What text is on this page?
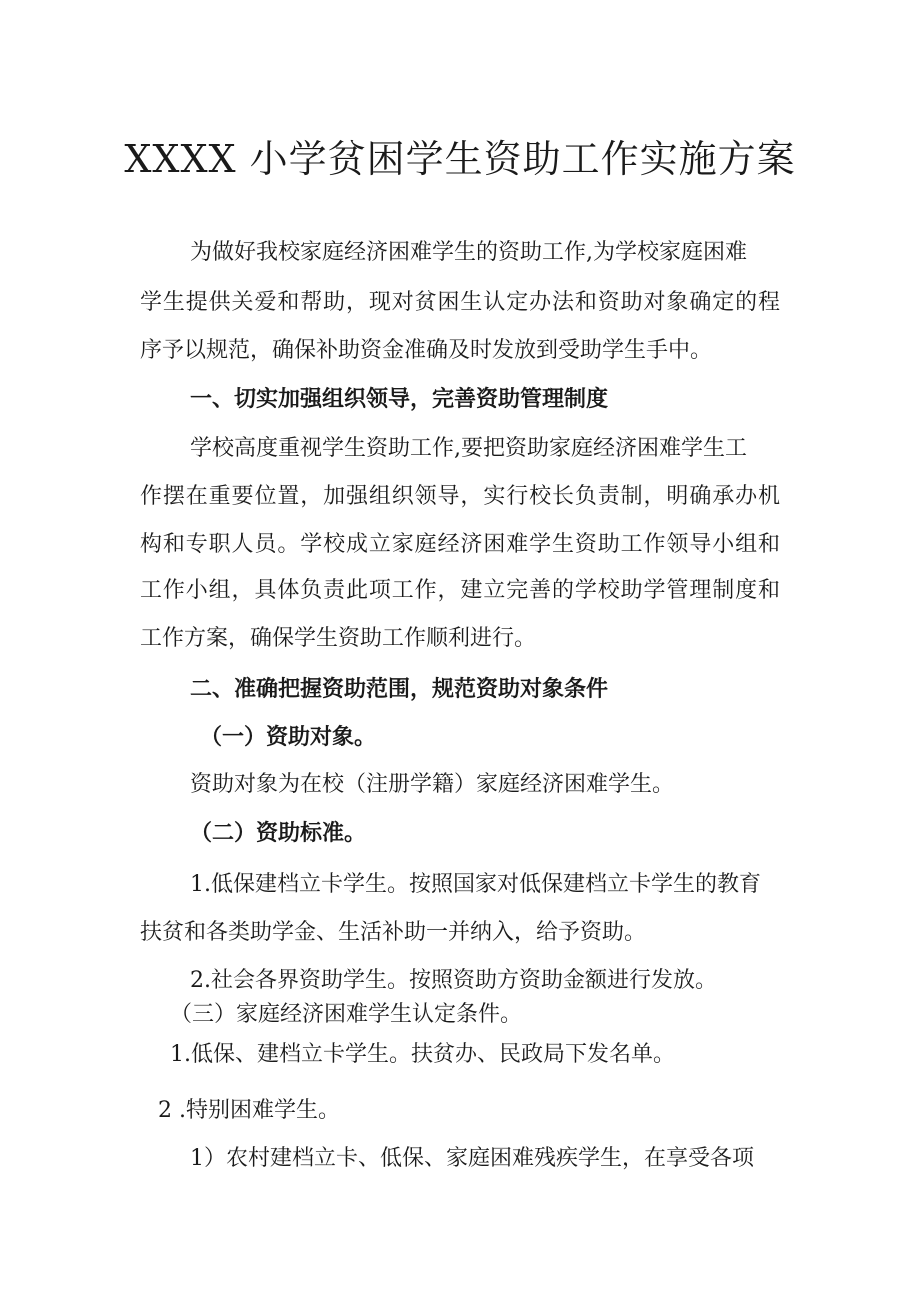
XXXX 小学贫困学生资助工作实施方案
为做好我校家庭经济困难学生的资助工作,为学校家庭困难
学生提供关爱和帮助，现对贫困生认定办法和资助对象确定的程
序予以规范，确保补助资金准确及时发放到受助学生手中。
一、切实加强组织领导，完善资助管理制度
学校高度重视学生资助工作,要把资助家庭经济困难学生工
作摆在重要位置，加强组织领导，实行校长负责制，明确承办机
构和专职人员。学校成立家庭经济困难学生资助工作领导小组和
工作小组，具体负责此项工作，建立完善的学校助学管理制度和
工作方案，确保学生资助工作顺利进行。
二、准确把握资助范围，规范资助对象条件
（一）资助对象。
资助对象为在校（注册学籍）家庭经济困难学生。
（二）资助标准。
1.低保建档立卡学生。按照国家对低保建档立卡学生的教育
扶贫和各类助学金、生活补助一并纳入，给予资助。
2.社会各界资助学生。按照资助方资助金额进行发放。
（三）家庭经济困难学生认定条件。
1.低保、建档立卡学生。扶贫办、民政局下发名单。
2 .特别困难学生。
1）农村建档立卡、低保、家庭困难残疾学生，在享受各项
